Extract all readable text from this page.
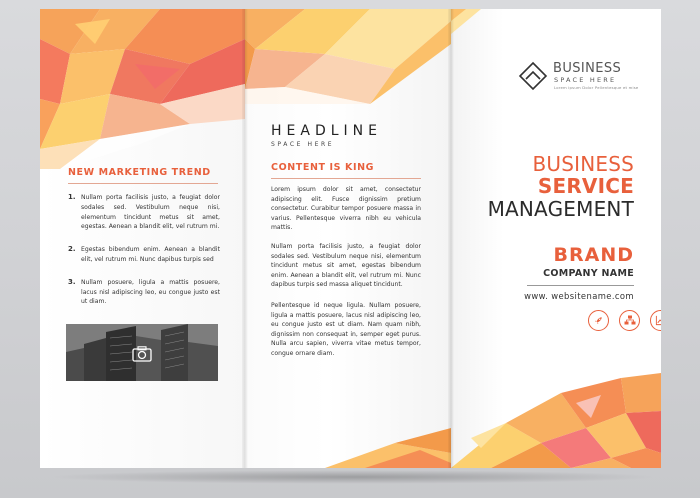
NEW MARKETING TREND
1. Nullam porta facilisis justo, a feugiat dolor sodales sed. Vestibulum neque nisi, elementum tincidunt metus sit amet, egestas. Aenean a blandit elit, vel rutrum mi.
2. Egestas bibendum enim. Aenean a blandit elit, vel rutrum mi. Nunc dapibus turpis sed
3. Nullam posuere, ligula a mattis posuere, lacus nisl adipiscing leo, eu congue justo est ut diam.
HEADLINE
SPACE HERE
CONTENT IS KING
Lorem ipsum dolor sit amet, consectetur adipiscing elit. Fusce dignissim pretium consectetur. Curabitur tempor posuere massa in varius. Pellentesque viverra nibh eu vehicula mattis.
Nullam porta facilisis justo, a feugiat dolor sodales sed. Vestibulum neque nisi, elementum tincidunt metus sit amet, egestas bibendum enim. Aenean a blandit elit, vel rutrum mi. Nunc dapibus turpis sed massa aliquet tincidunt.
Pellentesque id neque ligula. Nullam posuere, ligula a mattis posuere, lacus nisl adipiscing leo, eu congue justo est ut diam. Nam quam nibh, dignissim non consequat in, semper eget purus. Nulla arcu sapien, viverra vitae metus tempor, congue ornare diam.
BUSINESS
SPACE HERE
Lorem ipsum Dolor Pellentesque et mise
BUSINESS
SERVICE
MANAGEMENT
BRAND
COMPANY NAME
www. websitename.com
